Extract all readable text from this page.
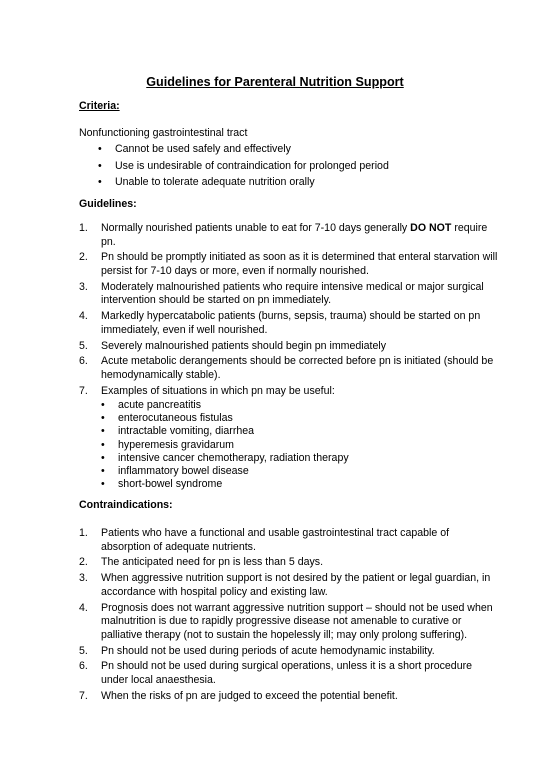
Guidelines for Parenteral Nutrition Support
Criteria:
Nonfunctioning gastrointestinal tract
• Cannot be used safely and effectively
• Use is undesirable of contraindication for prolonged period
• Unable to tolerate adequate nutrition orally
Guidelines:
1. Normally nourished patients unable to eat for 7-10 days generally DO NOT require pn.
2. Pn should be promptly initiated as soon as it is determined that enteral starvation will persist for 7-10 days or more, even if normally nourished.
3. Moderately malnourished patients who require intensive medical or major surgical intervention should be started on pn immediately.
4. Markedly hypercatabolic patients (burns, sepsis, trauma) should be started on pn immediately, even if well nourished.
5. Severely malnourished patients should begin pn immediately
6. Acute metabolic derangements should be corrected before pn is initiated (should be hemodynamically stable).
7. Examples of situations in which pn may be useful:
• acute pancreatitis
• enterocutaneous fistulas
• intractable vomiting, diarrhea
• hyperemesis gravidarum
• intensive cancer chemotherapy, radiation therapy
• inflammatory bowel disease
• short-bowel syndrome
Contraindications:
1. Patients who have a functional and usable gastrointestinal tract capable of absorption of adequate nutrients.
2. The anticipated need for pn is less than 5 days.
3. When aggressive nutrition support is not desired by the patient or legal guardian, in accordance with hospital policy and existing law.
4. Prognosis does not warrant aggressive nutrition support – should not be used when malnutrition is due to rapidly progressive disease not amenable to curative or palliative therapy (not to sustain the hopelessly ill; may only prolong suffering).
5. Pn should not be used during periods of acute hemodynamic instability.
6. Pn should not be used during surgical operations, unless it is a short procedure under local anaesthesia.
7. When the risks of pn are judged to exceed the potential benefit.
